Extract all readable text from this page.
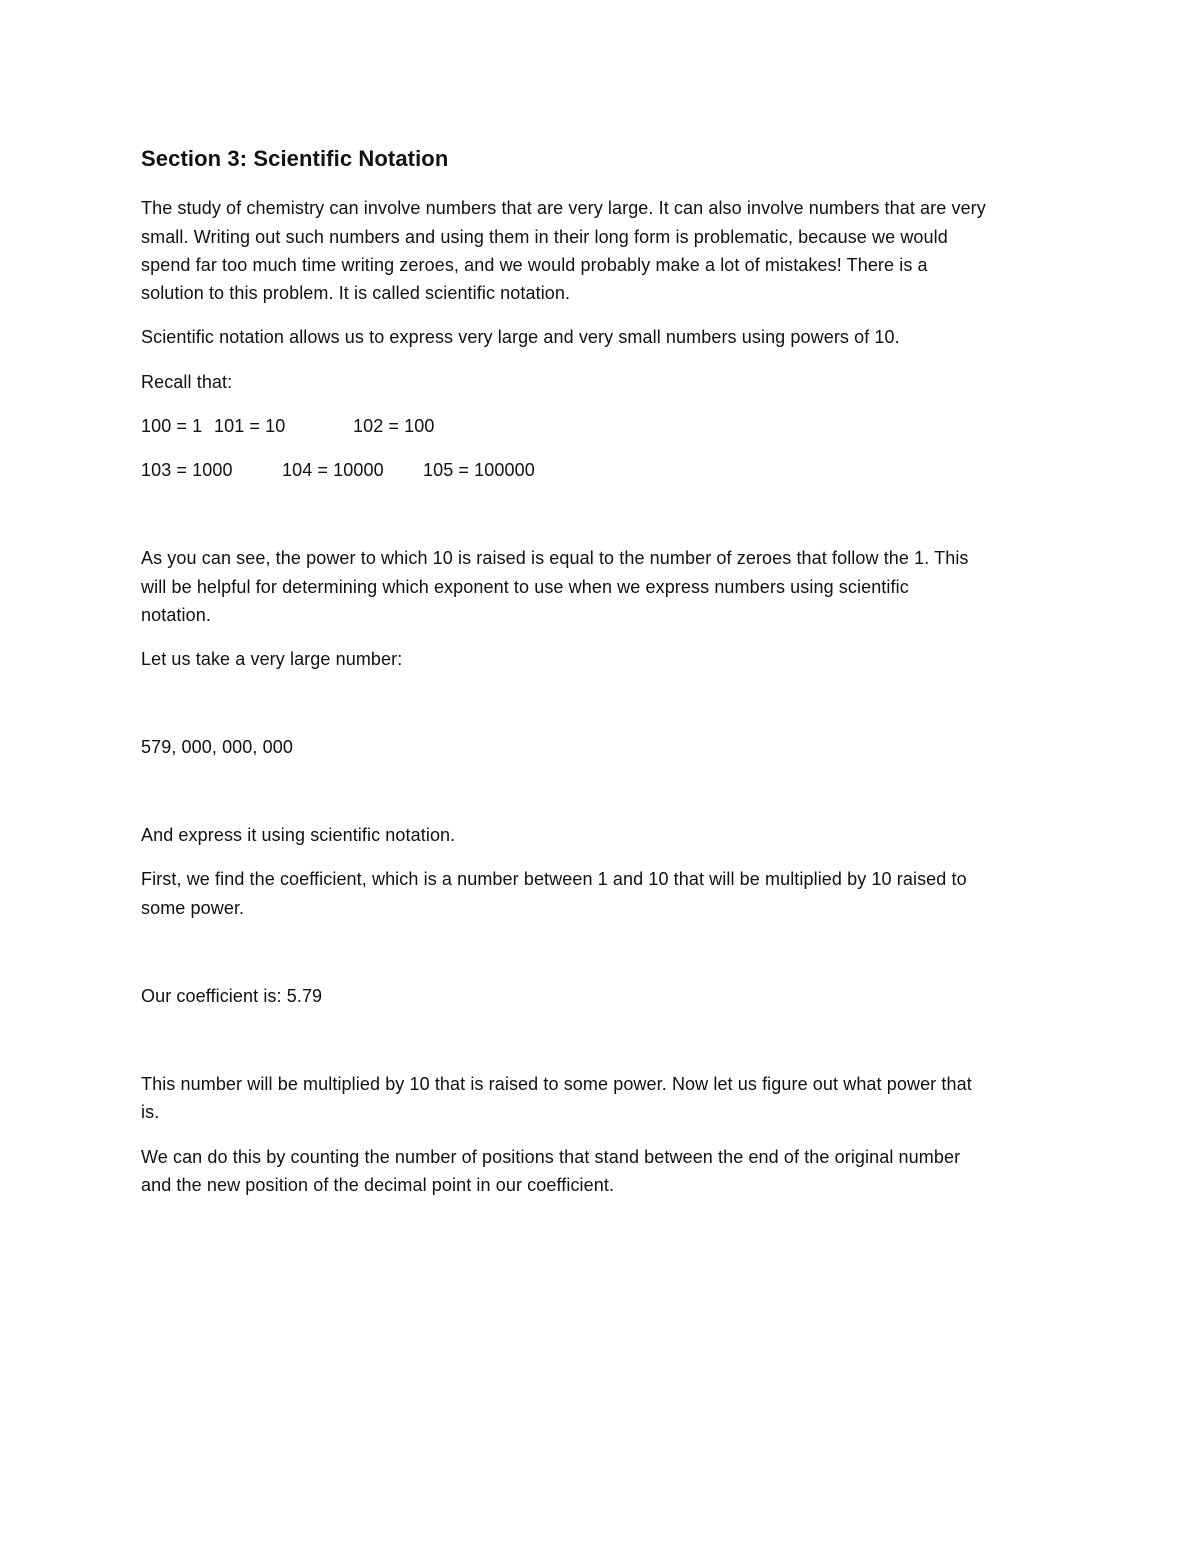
Section 3: Scientific Notation
The study of chemistry can involve numbers that are very large. It can also involve numbers that are very
small. Writing out such numbers and using them in their long form is problematic, because we would
spend far too much time writing zeroes, and we would probably make a lot of mistakes! There is a
solution to this problem. It is called scientific notation.
Scientific notation allows us to express very large and very small numbers using powers of 10.
Recall that:
100 = 1 101 = 10	102 = 100
103 = 1000	104 = 10000 105 = 100000
As you can see, the power to which 10 is raised is equal to the number of zeroes that follow the 1. This
will be helpful for determining which exponent to use when we express numbers using scientific
notation.
Let us take a very large number:
579, 000, 000, 000
And express it using scientific notation.
First, we find the coefficient, which is a number between 1 and 10 that will be multiplied by 10 raised to
some power.
Our coefficient is: 5.79
This number will be multiplied by 10 that is raised to some power. Now let us figure out what power that
is.
We can do this by counting the number of positions that stand between the end of the original number
and the new position of the decimal point in our coefficient.
